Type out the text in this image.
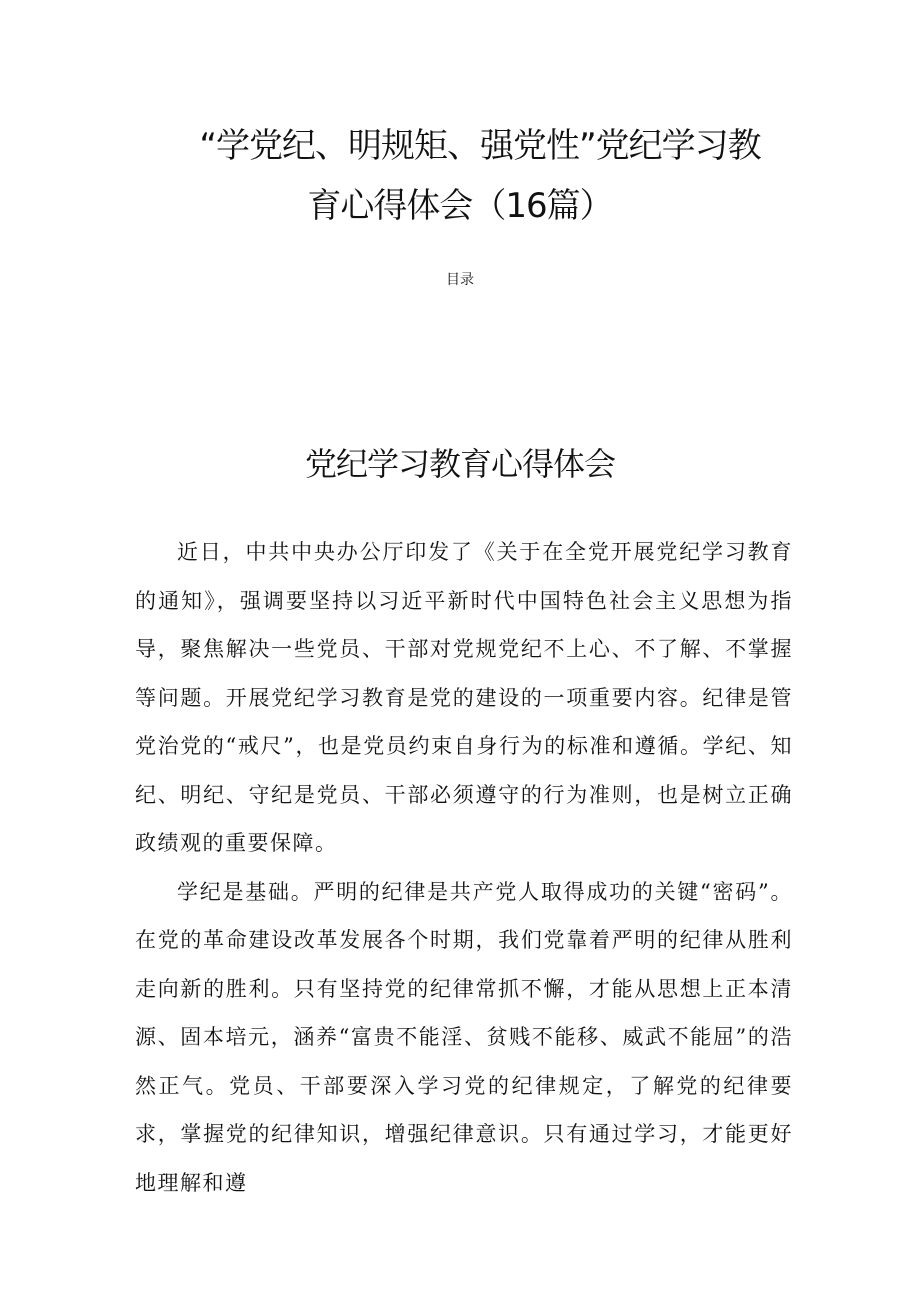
“学党纪、明规矩、强党性”党纪学习教
育心得体会（16篇）
目录
党纪学习教育心得体会

近日，中共中央办公厅印发了《关于在全党开展党纪学习教育的通知》，强调要坚持以习近平新时代中国特色社会主义思想为指导，聚焦解决一些党员、干部对党规党纪不上心、不了解、不掌握等问题。开展党纪学习教育是党的建设的一项重要内容。纪律是管党治党的“戒尺”，也是党员约束自身行为的标准和遵循。学纪、知纪、明纪、守纪是党员、干部必须遵守的行为准则，也是树立正确政绩观的重要保障。

学纪是基础。严明的纪律是共产党人取得成功的关键“密码”。在党的革命建设改革发展各个时期，我们党靠着严明的纪律从胜利走向新的胜利。只有坚持党的纪律常抓不懈，才能从思想上正本清源、固本培元，涵养“富贵不能淫、贫贱不能移、威武不能屈”的浩然正气。党员、干部要深入学习党的纪律规定，了解党的纪律要求，掌握党的纪律知识，增强纪律意识。只有通过学习，才能更好地理解和遵
